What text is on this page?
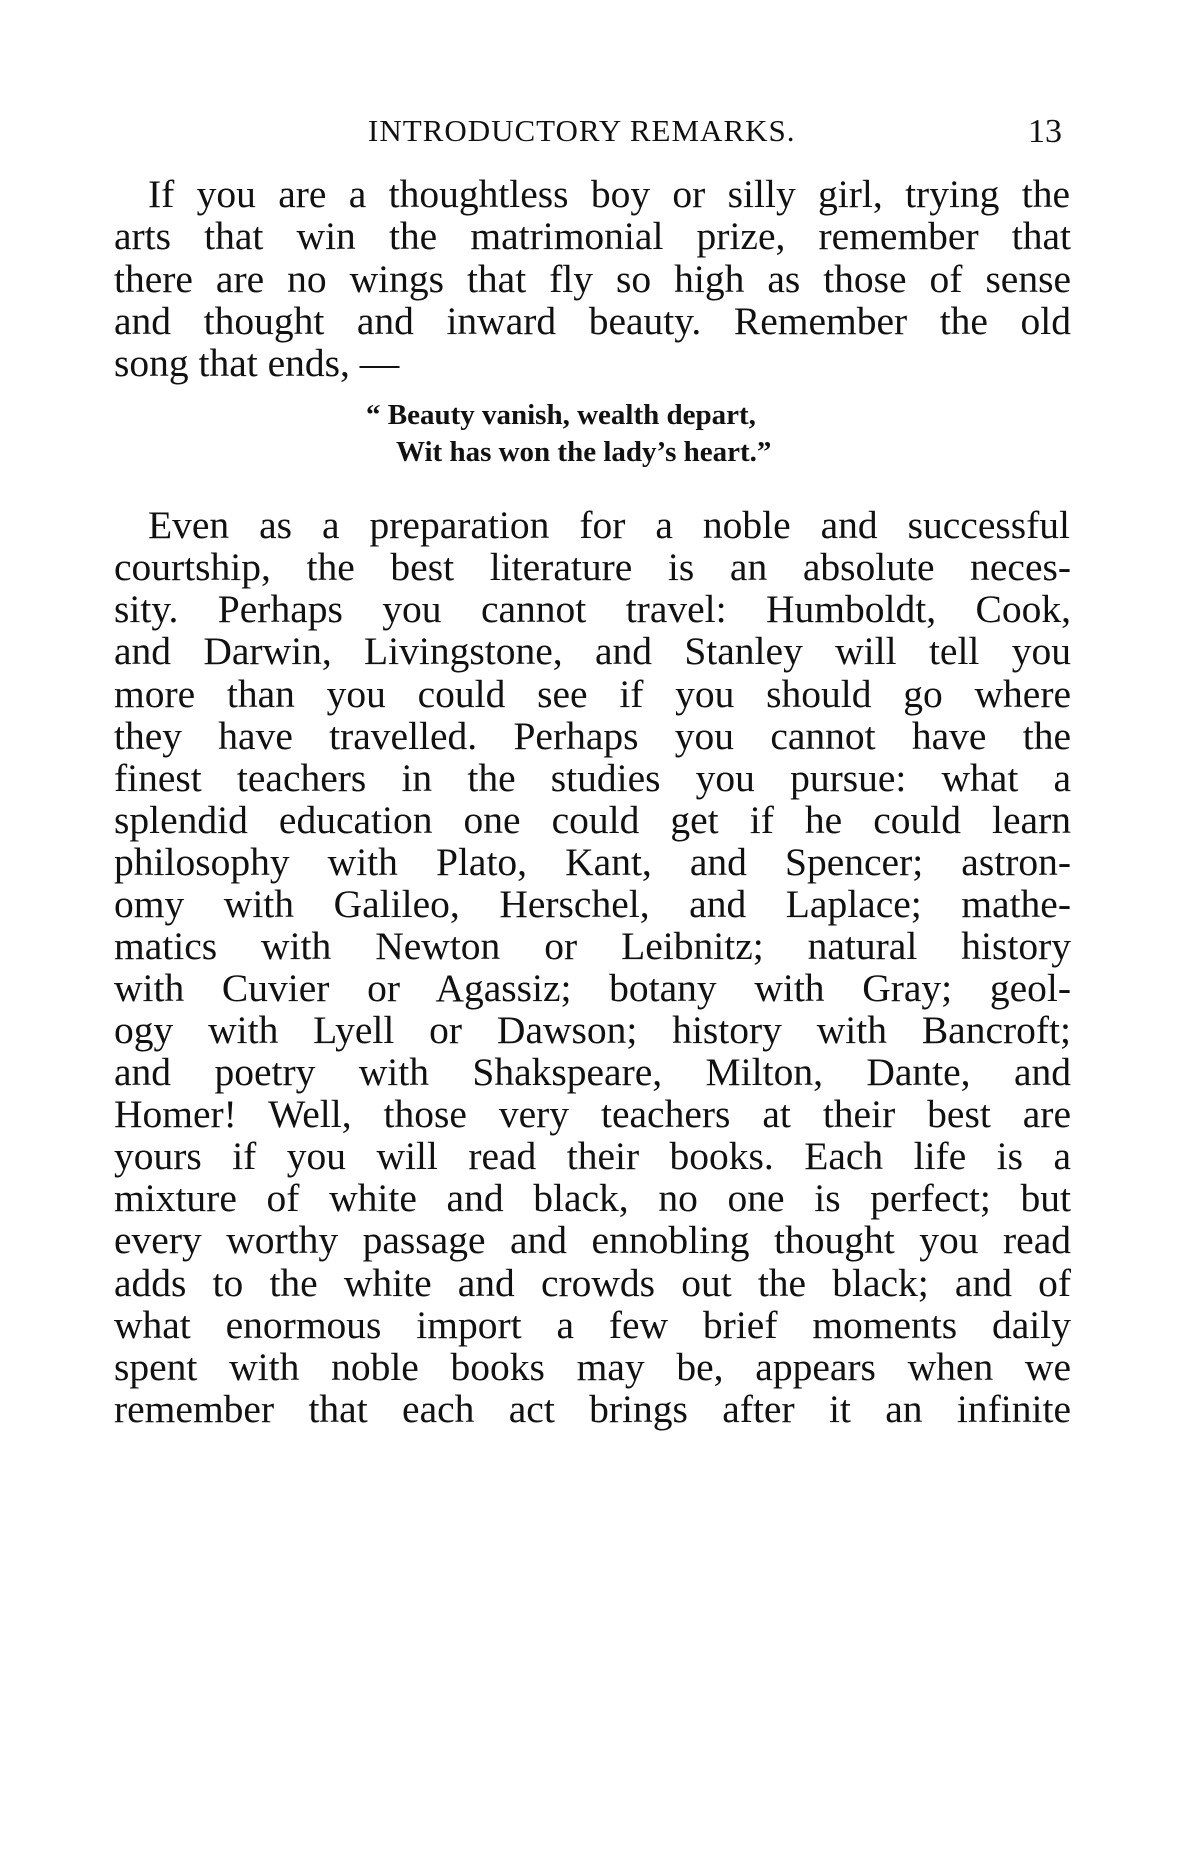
INTRODUCTORY REMARKS.	13
If you are a thoughtless boy or silly girl, trying the
arts that win the matrimonial prize, remember that
there are no wings that fly so high as those of sense
and thought and inward beauty. Remember the old
song that ends, —
“ Beauty vanish, wealth depart,
Wit has won the lady’s heart.”
Even as a preparation for a noble and successful
courtship, the best literature is an absolute neces-
sity. Perhaps you cannot travel: Humboldt, Cook,
and Darwin, Livingstone, and Stanley will tell you
more than you could see if you should go where
they have travelled. Perhaps you cannot have the
finest teachers in the studies you pursue: what a
splendid education one could get if he could learn
philosophy with Plato, Kant, and Spencer; astron-
omy with Galileo, Herschel, and Laplace; mathe-
matics with Newton or Leibnitz; natural history
with Cuvier or Agassiz; botany with Gray; geol-
ogy with Lyell or Dawson; history with Bancroft;
and poetry with Shakspeare, Milton, Dante, and
Homer! Well, those very teachers at their best are
yours if you will read their books. Each life is a
mixture of white and black, no one is perfect; but
every worthy passage and ennobling thought you read
adds to the white and crowds out the black; and of
what enormous import a few brief moments daily
spent with noble books may be, appears when we
remember that each act brings after it an infinite
